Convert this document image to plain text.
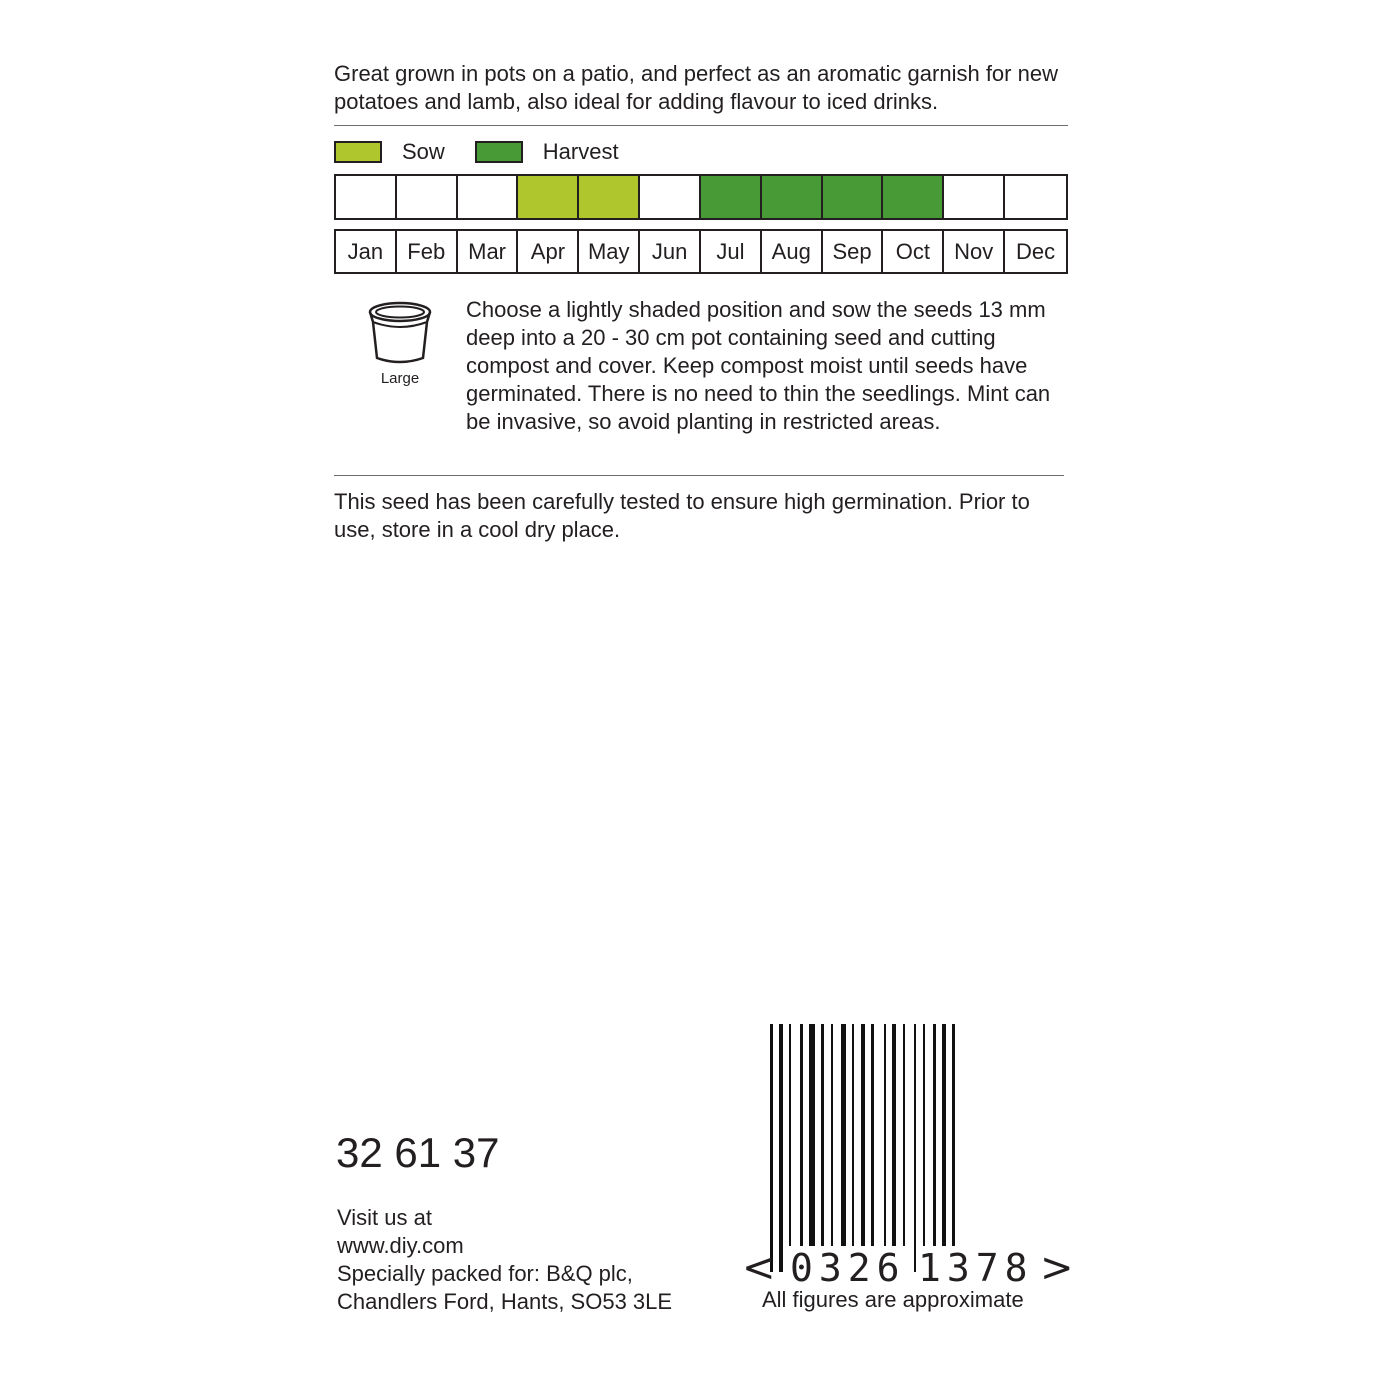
Great grown in pots on a patio, and perfect as an aromatic garnish for new potatoes and lamb, also ideal for adding flavour to iced drinks.

Sow	Harvest
Jan	Feb	Mar	Apr	May	Jun	Jul	Aug Sep	Oct	Nov	Dec
Large

Choose a lightly shaded position and sow the seeds 13 mm deep into a 20 - 30 cm pot containing seed and cutting compost and cover. Keep compost moist until seeds have germinated. There is no need to thin the seedlings. Mint can be invasive, so avoid planting in restricted areas.

This seed has been carefully tested to ensure high germination. Prior to use, store in a cool dry place.

32 61 37
Visit us at
www.diy.com
Specially packed for: B&Q plc,
Chandlers Ford, Hants, SO53 3LE
< 0326 1378 >
All figures are approximate
